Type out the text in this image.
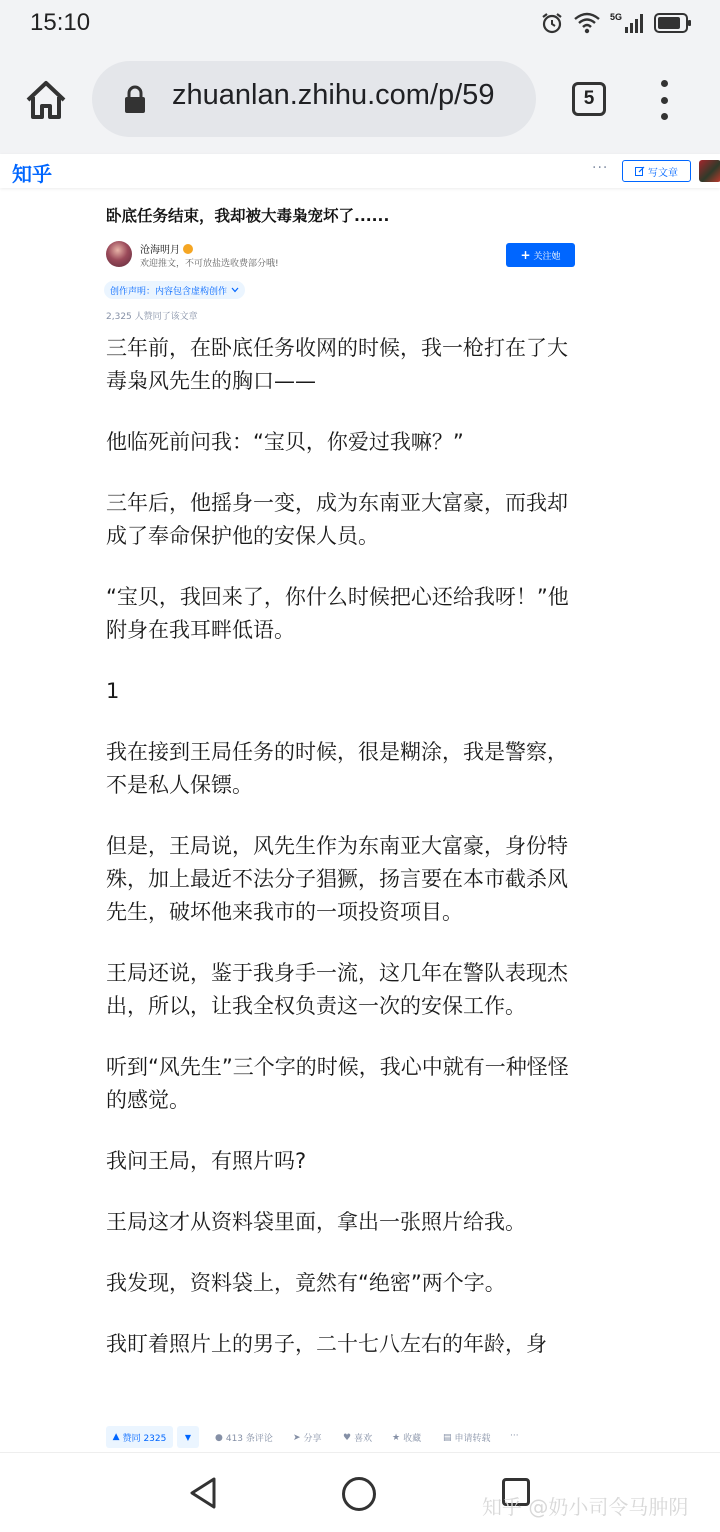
15:10	5G
zhuanlan.zhihu.com/p/59	5
知乎	···	写文章
卧底任务结束，我却被大毒枭宠坏了......
沧海明月
欢迎推文，不可放盐选收费部分哦!
+ 关注她
创作声明：内容包含虚构创作
2,325 人赞同了该文章

三年前，在卧底任务收网的时候，我一枪打在了大毒枭风先生的胸口——

他临死前问我：“宝贝，你爱过我嘛？”

三年后，他摇身一变，成为东南亚大富豪，而我却成了奉命保护他的安保人员。

“宝贝，我回来了，你什么时候把心还给我呀！”他附身在我耳畔低语。

1

我在接到王局任务的时候，很是糊涂，我是警察，不是私人保镖。

但是，王局说，风先生作为东南亚大富豪，身份特殊，加上最近不法分子猖獗，扬言要在本市截杀风先生，破坏他来我市的一项投资项目。

王局还说，鉴于我身手一流，这几年在警队表现杰出，所以，让我全权负责这一次的安保工作。

听到“风先生”三个字的时候，我心中就有一种怪怪的感觉。

我问王局，有照片吗?

王局这才从资料袋里面，拿出一张照片给我。

我发现，资料袋上，竟然有“绝密”两个字。

我盯着照片上的男子，二十七八左右的年龄，身

▲ 赞同 2325 ▼	● 413 条评论 ➤ 分享 ♥ 喜欢 ★ 收藏 ▤ 申请转载 ···
知乎 @奶小司令马肿阴
